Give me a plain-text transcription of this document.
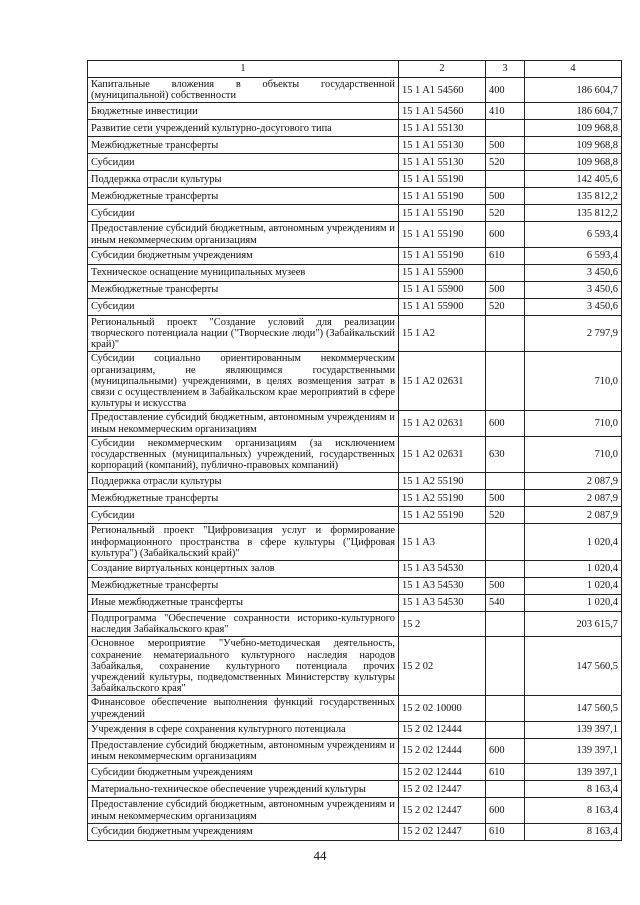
1	2	3	4
Капитальные вложения в объекты государственной (муниципальной) собственности	15 1 A1 54560	400	186 604,7
Бюджетные инвестиции	15 1 A1 54560	410	186 604,7
Развитие сети учреждений культурно-досугового типа	15 1 A1 55130		109 968,8
Межбюджетные трансферты	15 1 A1 55130	500	109 968,8
Субсидии	15 1 A1 55130	520	109 968,8
Поддержка отрасли культуры	15 1 A1 55190		142 405,6
Межбюджетные трансферты	15 1 A1 55190	500	135 812,2
Субсидии	15 1 A1 55190	520	135 812,2
Предоставление субсидий бюджетным, автономным учреждениям и иным некоммерческим организациям	15 1 A1 55190	600	6 593,4
Субсидии бюджетным учреждениям	15 1 A1 55190	610	6 593,4
Техническое оснащение муниципальных музеев	15 1 A1 55900		3 450,6
Межбюджетные трансферты	15 1 A1 55900	500	3 450,6
Субсидии	15 1 A1 55900	520	3 450,6
Региональный проект "Создание условий для реализации творческого потенциала нации ("Творческие люди") (Забайкальский край)"	15 1 A2		2 797,9
Субсидии социально ориентированным некоммерческим организациям, не являющимся государственными (муниципальными) учреждениями, в целях возмещения затрат в связи с осуществлением в Забайкальском крае мероприятий в сфере культуры и искусства	15 1 A2 02631		710,0
Предоставление субсидий бюджетным, автономным учреждениям и иным некоммерческим организациям	15 1 A2 02631	600	710,0
Субсидии некоммерческим организациям (за исключением государственных (муниципальных) учреждений, государственных корпораций (компаний), публично-правовых компаний)	15 1 A2 02631	630	710,0
Поддержка отрасли культуры	15 1 A2 55190		2 087,9
Межбюджетные трансферты	15 1 A2 55190	500	2 087,9
Субсидии	15 1 A2 55190	520	2 087,9
Региональный проект "Цифровизация услуг и формирование информационного пространства в сфере культуры ("Цифровая культура") (Забайкальский край)"	15 1 A3		1 020,4
Создание виртуальных концертных залов	15 1 A3 54530		1 020,4
Межбюджетные трансферты	15 1 A3 54530	500	1 020,4
Иные межбюджетные трансферты	15 1 A3 54530	540	1 020,4
Подпрограмма "Обеспечение сохранности историко-культурного наследия Забайкальского края"	15 2		203 615,7
Основное мероприятие "Учебно-методическая деятельность, сохранение нематериального культурного наследия народов Забайкалья, сохранение культурного потенциала прочих учреждений культуры, подведомственных Министерству культуры Забайкальского края"	15 2 02		147 560,5
Финансовое обеспечение выполнения функций государственных учреждений	15 2 02 10000		147 560,5
Учреждения в сфере сохранения культурного потенциала	15 2 02 12444		139 397,1
Предоставление субсидий бюджетным, автономным учреждениям и иным некоммерческим организациям	15 2 02 12444	600	139 397,1
Субсидии бюджетным учреждениям	15 2 02 12444	610	139 397,1
Материально-техническое обеспечение учреждений культуры	15 2 02 12447		8 163,4
Предоставление субсидий бюджетным, автономным учреждениям и иным некоммерческим организациям	15 2 02 12447	600	8 163,4
Субсидии бюджетным учреждениям	15 2 02 12447	610	8 163,4
44
